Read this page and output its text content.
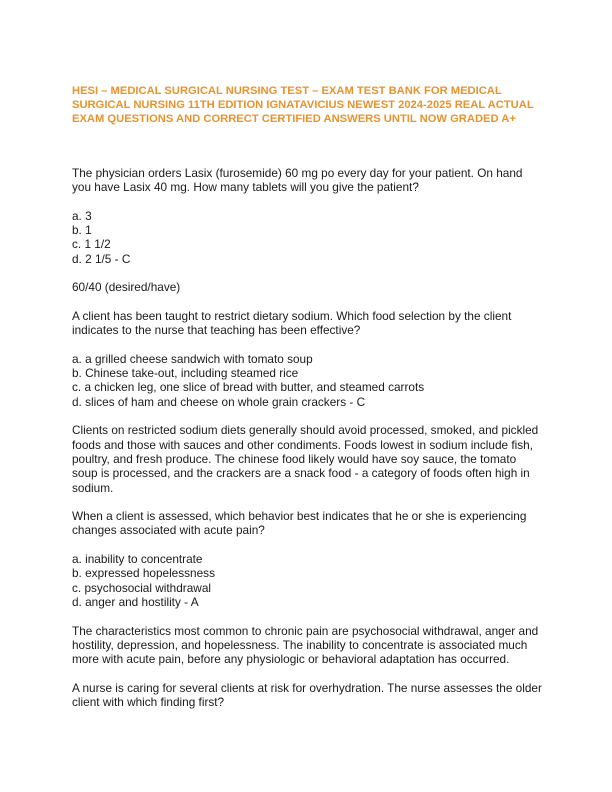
HESI – MEDICAL SURGICAL NURSING TEST – EXAM TEST BANK FOR MEDICAL SURGICAL NURSING 11TH EDITION IGNATAVICIUS NEWEST 2024-2025 REAL ACTUAL EXAM QUESTIONS AND CORRECT CERTIFIED ANSWERS UNTIL NOW GRADED A+

The physician orders Lasix (furosemide) 60 mg po every day for your patient. On hand you have Lasix 40 mg. How many tablets will you give the patient?

a. 3
b. 1
c. 1 1/2
d. 2 1/5 - C

60/40 (desired/have)

A client has been taught to restrict dietary sodium. Which food selection by the client indicates to the nurse that teaching has been effective?

a. a grilled cheese sandwich with tomato soup
b. Chinese take-out, including steamed rice
c. a chicken leg, one slice of bread with butter, and steamed carrots
d. slices of ham and cheese on whole grain crackers - C

Clients on restricted sodium diets generally should avoid processed, smoked, and pickled foods and those with sauces and other condiments. Foods lowest in sodium include fish, poultry, and fresh produce. The chinese food likely would have soy sauce, the tomato soup is processed, and the crackers are a snack food - a category of foods often high in sodium.

When a client is assessed, which behavior best indicates that he or she is experiencing changes associated with acute pain?

a. inability to concentrate
b. expressed hopelessness
c. psychosocial withdrawal
d. anger and hostility - A

The characteristics most common to chronic pain are psychosocial withdrawal, anger and hostility, depression, and hopelessness. The inability to concentrate is associated much more with acute pain, before any physiologic or behavioral adaptation has occurred.

A nurse is caring for several clients at risk for overhydration. The nurse assesses the older client with which finding first?
